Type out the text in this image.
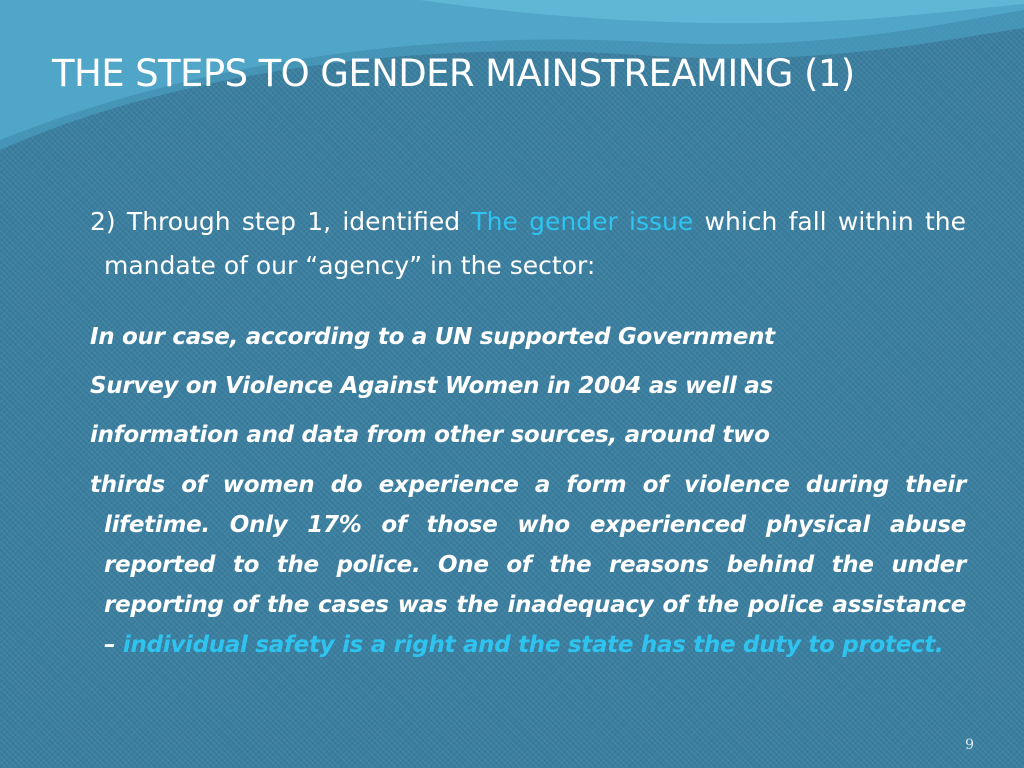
THE STEPS TO GENDER MAINSTREAMING (1)

2) Through step 1, identified The gender issue which fall within the mandate of our “agency” in the sector:

In our case, according to a UN supported Government
Survey on Violence Against Women in 2004 as well as
information and data from other sources, around two
thirds of women do experience a form of violence during their lifetime. Only 17% of those who experienced physical abuse reported to the police. One of the reasons behind the under reporting of the cases was the inadequacy of the police assistance – individual safety is a right and the state has the duty to protect.

9
